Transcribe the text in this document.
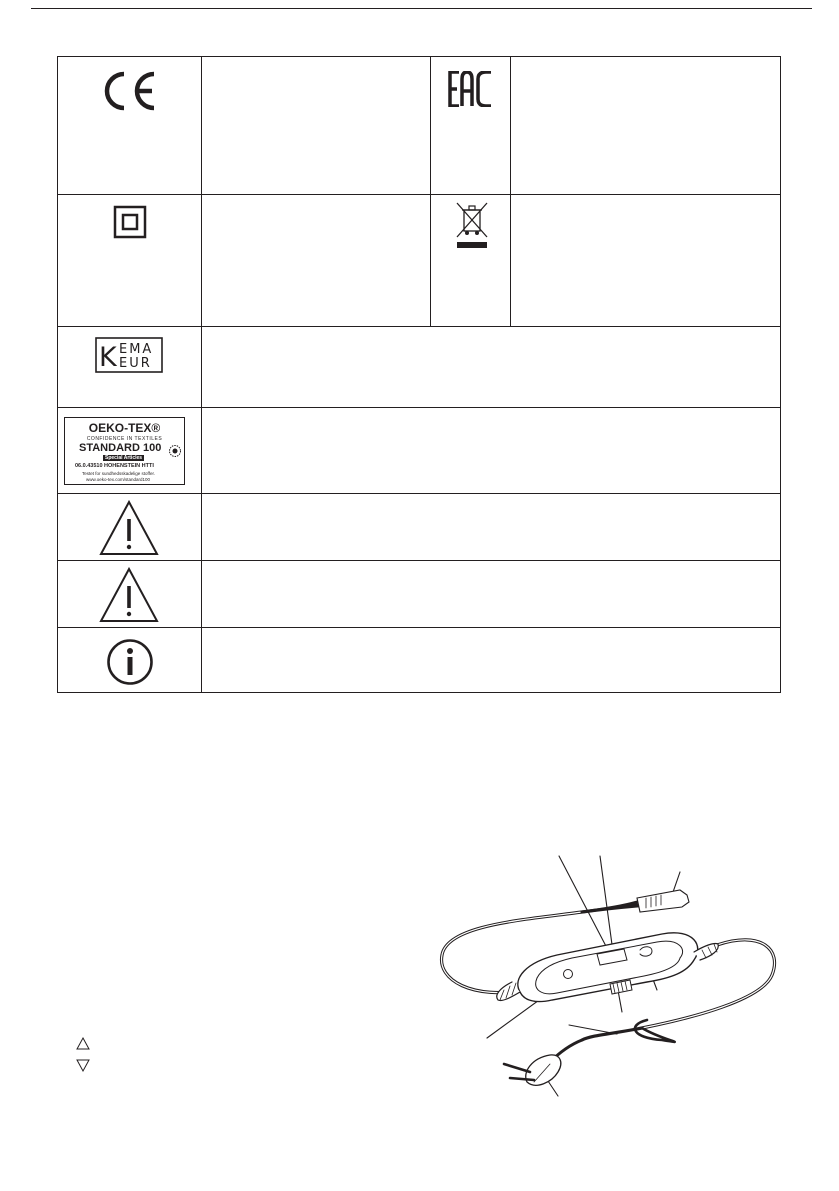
K EMA
EUR
OEKO-TEX®
CONFIDENCE IN TEXTILES
STANDARD 100
Special Articles
06.0.43510 HOHENSTEIN HTTI
Testet for sundhedsskadelige stoffer.
www.oeko-tex.com/standard100
